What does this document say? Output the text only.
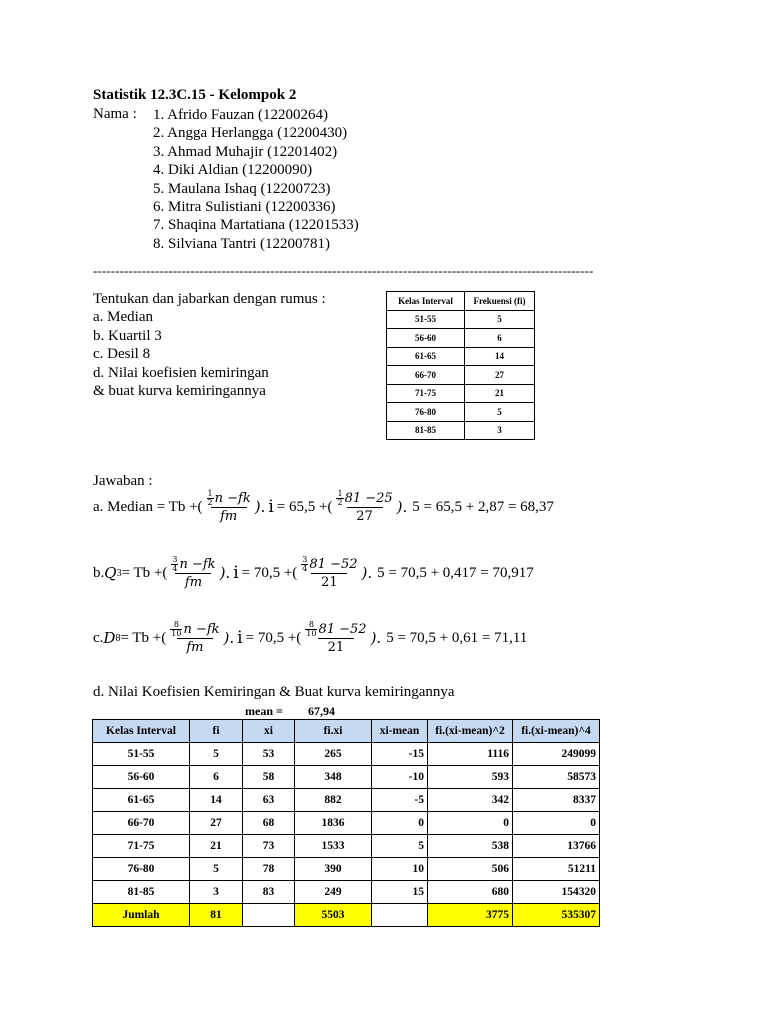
Statistik 12.3C.15 - Kelompok 2
Nama : 1. Afrido Fauzan (12200264)
2. Angga Herlangga (12200430)
3. Ahmad Muhajir (12201402)
4. Diki Aldian (12200090)
5. Maulana Ishaq (12200723)
6. Mitra Sulistiani (12200336)
7. Shaqina Martatiana (12201533)
8. Silviana Tantri (12200781)
-----------------------------------------------------------------------------------------------------------------
Tentukan dan jabarkan dengan rumus :
a. Median
b. Kuartil 3
c. Desil 8
d. Nilai koefisien kemiringan
& buat kurva kemiringannya
Kelas Interval	Frekuensi (fi)
51-55	5
56-60	6
61-65	14
66-70	27
71-75	21
76-80	5
81-85	3
Jawaban :
a. Median = Tb +( $\frac{\frac{1}{2} n -fk}{fm}$ ). i = 65,5 +( $\frac{\frac{1}{2} 81 -25}{27}$ ). 5 = 65,5 + 2,87 = 68,37
b. Q 3 = Tb +( $\frac{\frac{3}{4} n -fk}{fm}$ ). i = 70,5 +( $\frac{\frac{3}{4} 81 -52}{21}$ ). 5 = 70,5 + 0,417 = 70,917
c. D 8 = Tb +( $\frac{\frac{8}{10} n -fk}{fm}$ ). i = 70,5 +( $\frac{\frac{8}{10} 81 -52}{21}$ ). 5 = 70,5 + 0,61 = 71,11
d. Nilai Koefisien Kemiringan & Buat kurva kemiringannya
mean = 67,94
Kelas Interval	fi	xi	fi.xi	xi-mean	fi.(xi-mean)^2	fi.(xi-mean)^4
51-55	5	53	265	-15	1116	249099
56-60	6	58	348	-10	593	58573
61-65	14	63	882	-5	342	8337
66-70	27	68	1836	0	0	0
71-75	21	73	1533	5	538	13766
76-80	5	78	390	10	506	51211
81-85	3	83	249	15	680	154320
Jumlah	81		5503		3775	535307
